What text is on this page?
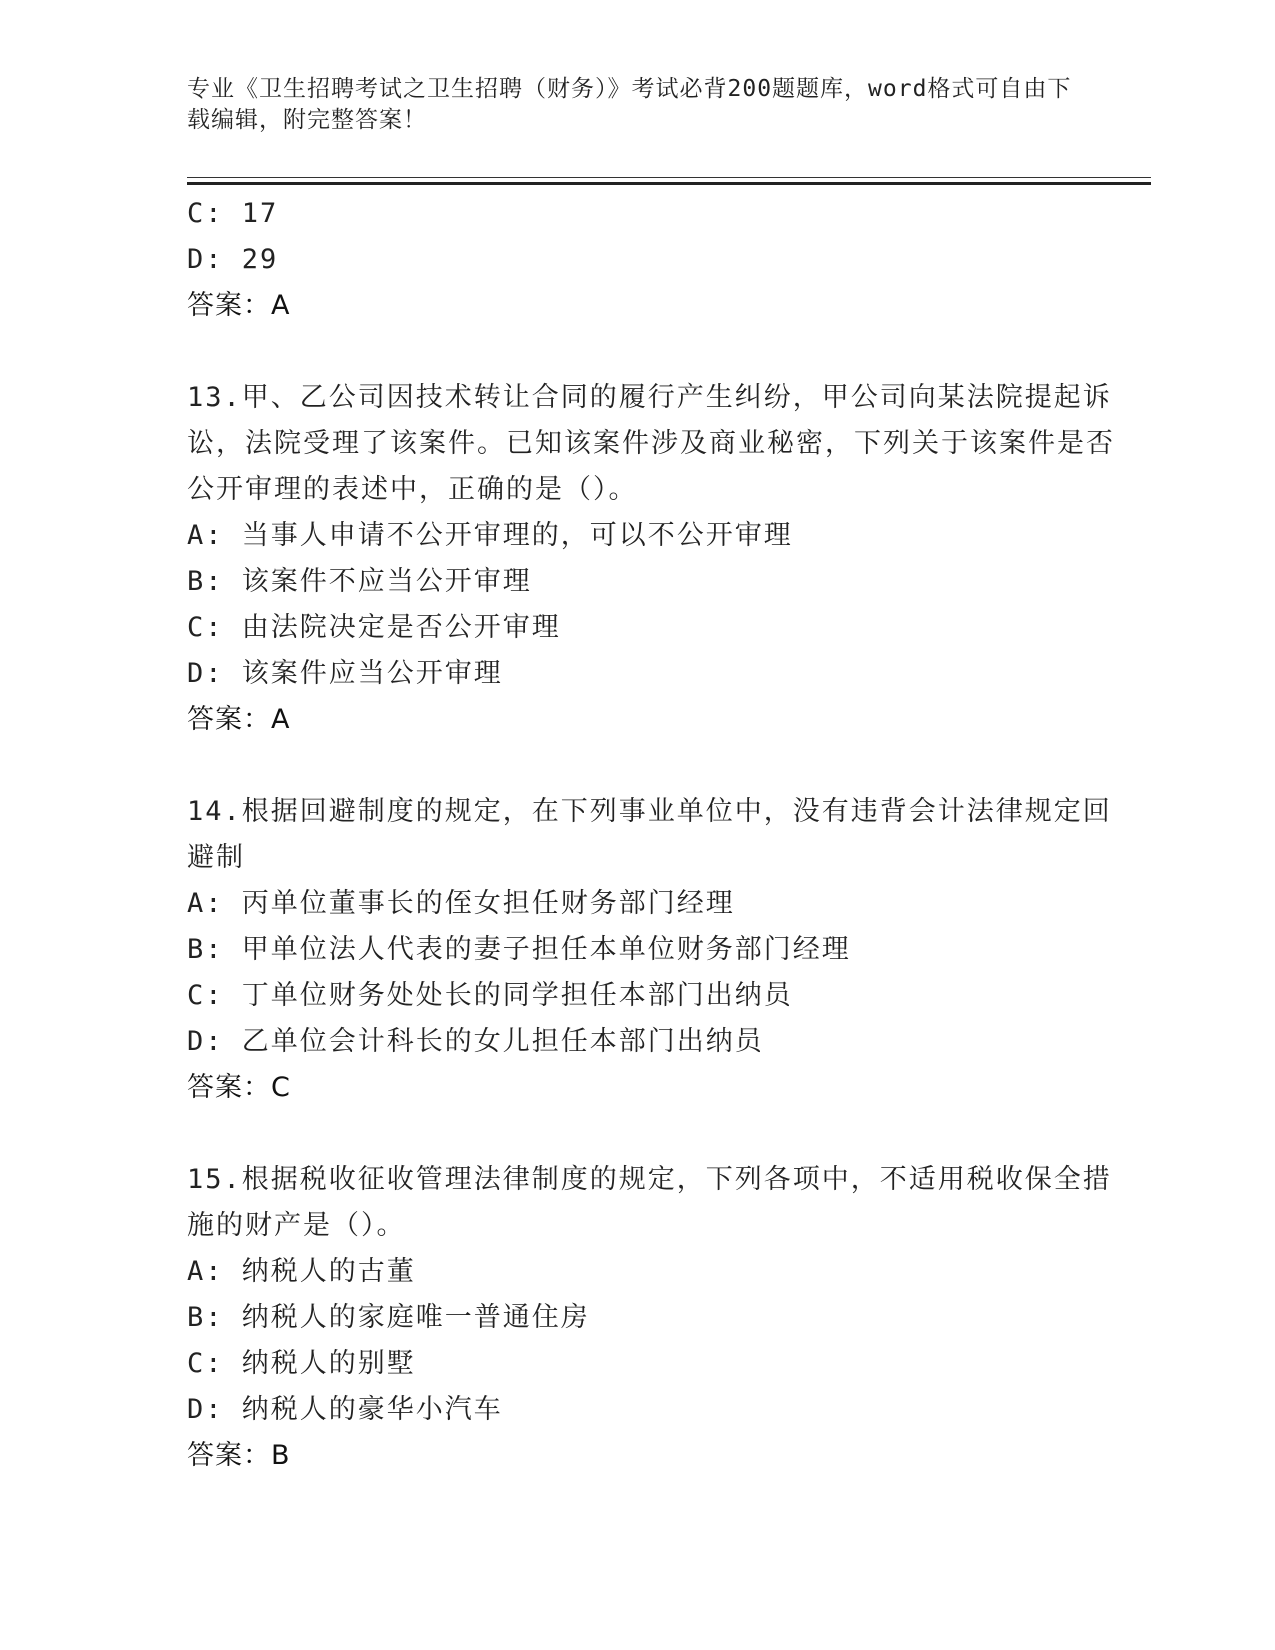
专业《卫生招聘考试之卫生招聘（财务）》考试必背200题题库，word格式可自由下载编辑，附完整答案！
C: 17
D: 29
答案：A
13.甲、乙公司因技术转让合同的履行产生纠纷，甲公司向某法院提起诉讼，法院受理了该案件。已知该案件涉及商业秘密，下列关于该案件是否公开审理的表述中，正确的是（）。
A: 当事人申请不公开审理的，可以不公开审理
B: 该案件不应当公开审理
C: 由法院决定是否公开审理
D: 该案件应当公开审理
答案：A
14.根据回避制度的规定，在下列事业单位中，没有违背会计法律规定回避制
A: 丙单位董事长的侄女担任财务部门经理
B: 甲单位法人代表的妻子担任本单位财务部门经理
C: 丁单位财务处处长的同学担任本部门出纳员
D: 乙单位会计科长的女儿担任本部门出纳员
答案：C
15.根据税收征收管理法律制度的规定，下列各项中，不适用税收保全措施的财产是（）。
A: 纳税人的古董
B: 纳税人的家庭唯一普通住房
C: 纳税人的别墅
D: 纳税人的豪华小汽车
答案：B
